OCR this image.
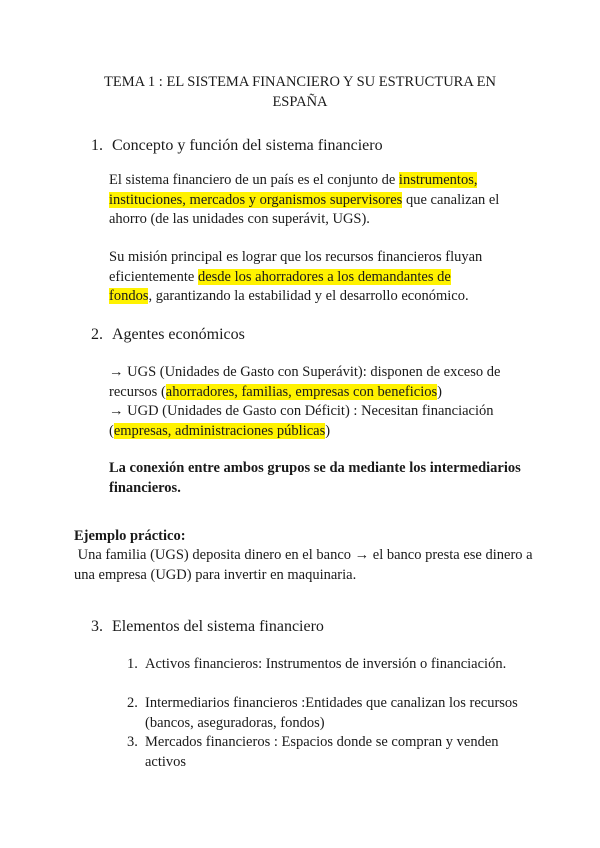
TEMA 1 : EL SISTEMA FINANCIERO Y SU ESTRUCTURA EN
ESPAÑA
1. Concepto y función del sistema financiero
El sistema financiero de un país es el conjunto de instrumentos,
instituciones, mercados y organismos supervisores que canalizan el ahorro (de las unidades con superávit, UGS).
Su misión principal es lograr que los recursos financieros fluyan eficientemente desde los ahorradores a los demandantes de
fondos, garantizando la estabilidad y el desarrollo económico.
2. Agentes económicos
→ UGS (Unidades de Gasto con Superávit): disponen de exceso de recursos (ahorradores, familias, empresas con beneficios)
→ UGD (Unidades de Gasto con Déficit) : Necesitan financiación (empresas, administraciones públicas)
La conexión entre ambos grupos se da mediante los intermediarios financieros.
Ejemplo práctico:
Una familia (UGS) deposita dinero en el banco → el banco presta ese dinero a una empresa (UGD) para invertir en maquinaria.
3. Elementos del sistema financiero
1. Activos financieros: Instrumentos de inversión o financiación.
2. Intermediarios financieros :Entidades que canalizan los recursos (bancos, aseguradoras, fondos)
3. Mercados financieros : Espacios donde se compran y venden activos
